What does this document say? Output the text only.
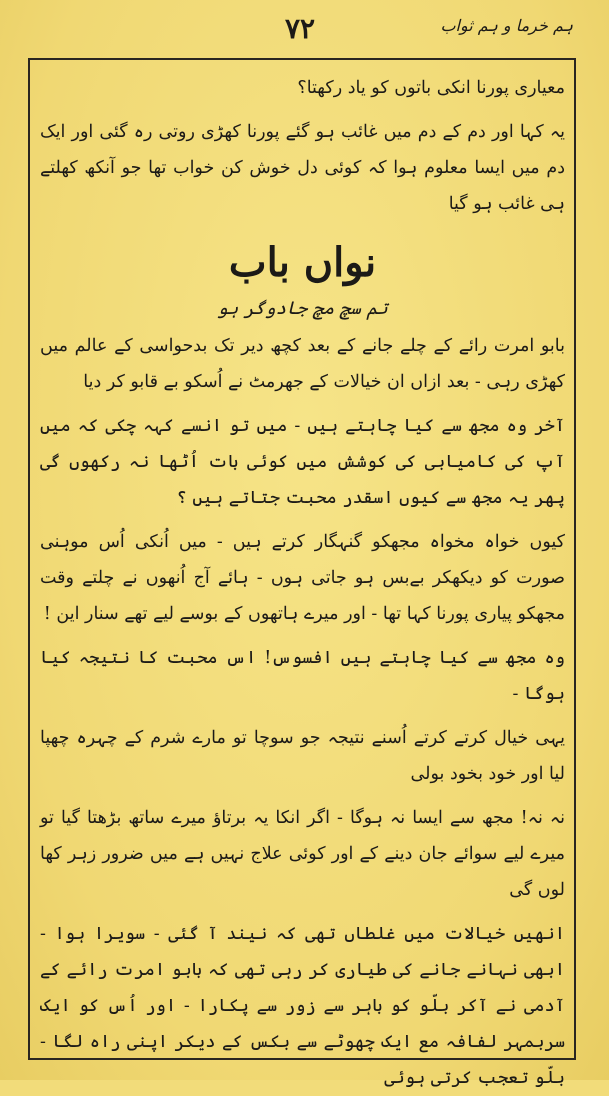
۷۲	ہم خرما و ہم ثواب

معیاری پورنا انکی باتوں کو یاد رکھتا؟

یہ کہا اور دم کے دم میں غائب ہو گئے پورنا کھڑی روتی رہ گئی اور ایک دم میں ایسا معلوم ہوا کہ کوئی دل خوش کن خواب تھا جو آنکھ کھلتے ہی غائب ہو گیا

نواں باب
تم سچ مچ جادوگر ہو

بابو امرت رائے کے چلے جانے کے بعد کچھ دیر تک بدحواسی کے عالم میں کھڑی رہی - بعد ازاں ان خیالات کے جھرمٹ نے اُسکو بے قابو کر دیا

آخر وہ مجھ سے کیا چاہتے ہیں - میں تو انسے کہہ چکی کہ میں آپ کی کامیابی کی کوشش میں کوئی بات اُٹھا نہ رکھوں گی پھر یہ مجھ سے کیوں اسقدر محبت جتاتے ہیں ؟

کیوں خواہ مخواہ مجھکو گنہگار کرتے ہیں - میں اُنکی اُس موہنی صورت کو دیکھکر بےبس ہو جاتی ہوں - ہائے آج اُنھوں نے چلتے وقت مجھکو پیاری پورنا کہا تھا - اور میرے ہاتھوں کے بوسے لیے تھے سنار این !

وہ مجھ سے کیا چاہتے ہیں افسوس! اس محبت کا نتیجہ کیا ہوگا -

یہی خیال کرتے کرتے اُسنے نتیجہ جو سوچا تو مارے شرم کے چہرہ چھپا لیا اور خود بخود بولی

نہ نہ! مجھ سے ایسا نہ ہوگا - اگر انکا یہ برتاؤ میرے ساتھ بڑھتا گیا تو میرے لیے سوائے جان دینے کے اور کوئی علاج نہیں ہے میں ضرور زہر کھا لوں گی

انھیں خیالات میں غلطاں تھی کہ نیند آ گئی - سویرا ہوا - ابھی نہانے جانے کی طیاری کر رہی تھی کہ بابو امرت رائے کے آدمی نے آکر بلّو کو باہر سے زور سے پکارا - اور اُس کو ایک سربمہر لفافہ مع ایک چھوٹے سے بکس کے دیکر اپنی راہ لگا - بلّو تعجب کرتی ہوئی
